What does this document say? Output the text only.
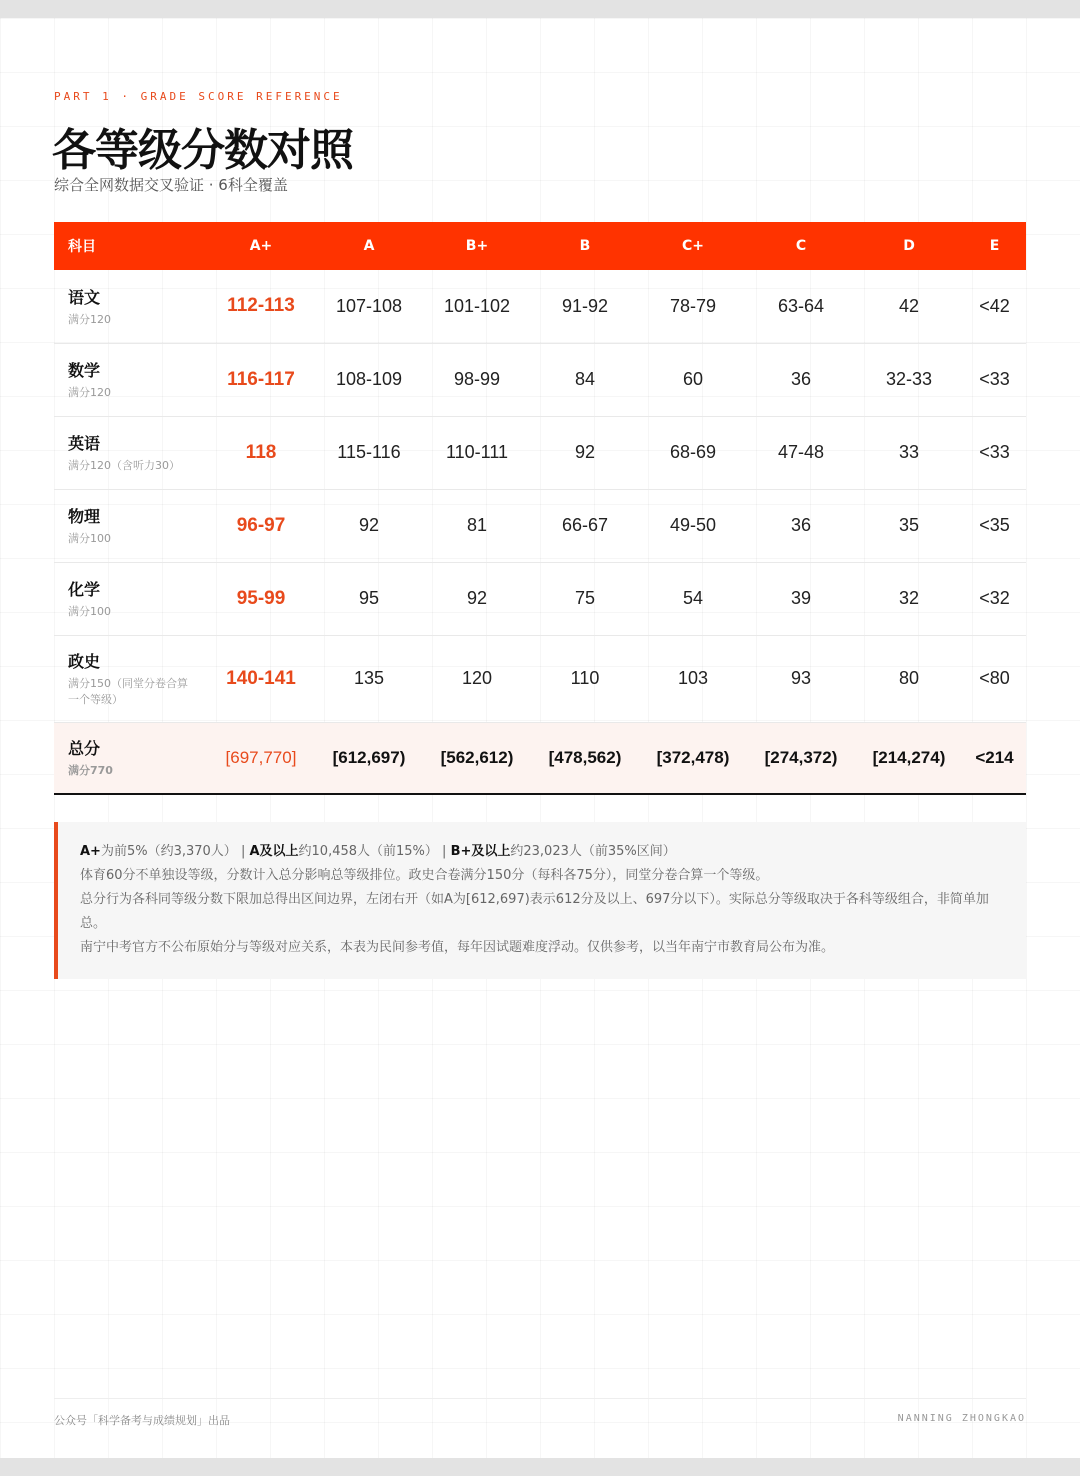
PART 1 · GRADE SCORE REFERENCE
各等级分数对照
综合全网数据交叉验证 · 6科全覆盖
科目	A+	A	B+	B	C+	C	D	E

语文
满分120	112-113	107-108	101-102	91-92	78-79	63-64	42	<42

数学
满分120	116-117	108-109	98-99	84	60	36	32-33	<33

英语
满分120（含听力30）	118	115-116	110-111	92	68-69	47-48	33	<33

物理
满分100	96-97	92	81	66-67	49-50	36	35	<35

化学
满分100	95-99	95	92	75	54	39	32	<32

政史
满分150（同堂分卷合算一个等级）	140-141	135	120	110	103	93	80	<80

总分
满分770	[697,770]	[612,697)	[562,612)	[478,562)	[372,478)	[274,372)	[214,274)	<214

A+为前5%（约3,370人） | A及以上约10,458人（前15%） | B+及以上约23,023人（前35%区间）

体育60分不单独设等级，分数计入总分影响总等级排位。政史合卷满分150分（每科各75分），同堂分卷合算一个等级。

总分行为各科同等级分数下限加总得出区间边界，左闭右开（如A为[612,697)表示612分及以上、697分以下）。实际总分等级取决于各科等级组合，非简单加总。

南宁中考官方不公布原始分与等级对应关系，本表为民间参考值，每年因试题难度浮动。仅供参考，以当年南宁市教育局公布为准。

公众号「科学备考与成绩规划」出品	NANNING ZHONGKAO
